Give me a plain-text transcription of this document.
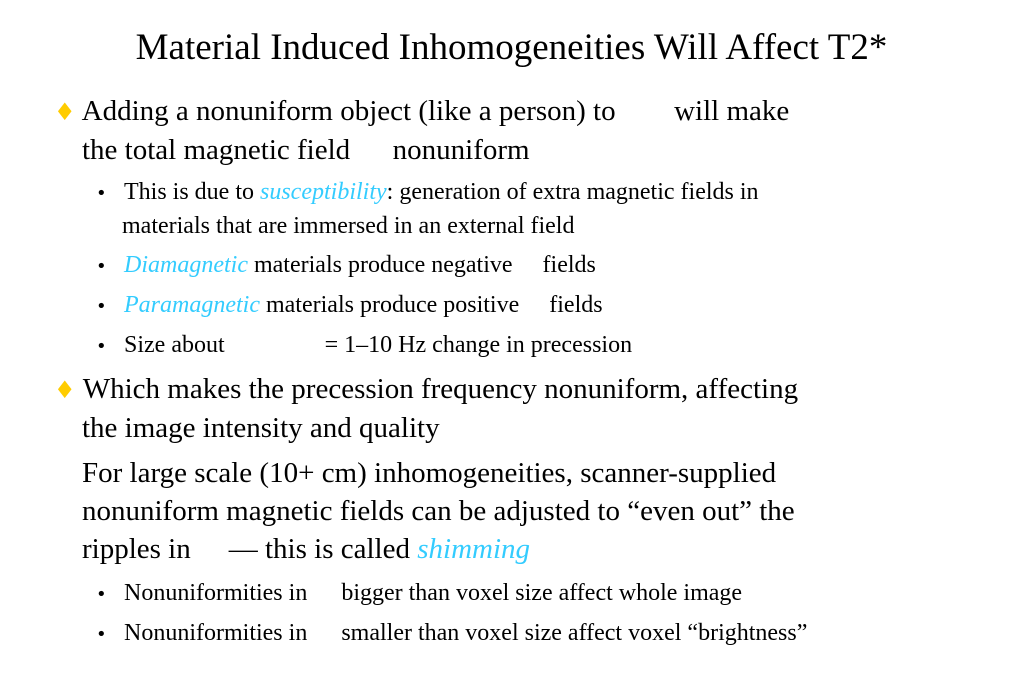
Material Induced Inhomogeneities Will Affect T2*
♦ Adding a nonuniform object (like a person) to will make
the total magnetic field nonuniform
• This is due to susceptibility: generation of extra magnetic fields in
materials that are immersed in an external field
• Diamagnetic materials produce negative fields
• Paramagnetic materials produce positive fields
• Size about	= 1–10 Hz change in precession
♦ Which makes the precession frequency nonuniform, affecting
the image intensity and quality
For large scale (10+ cm) inhomogeneities, scanner-supplied
nonuniform magnetic fields can be adjusted to “even out” the
ripples in — this is called shimming
• Nonuniformities in bigger than voxel size affect whole image
• Nonuniformities in smaller than voxel size affect voxel “brightness”
